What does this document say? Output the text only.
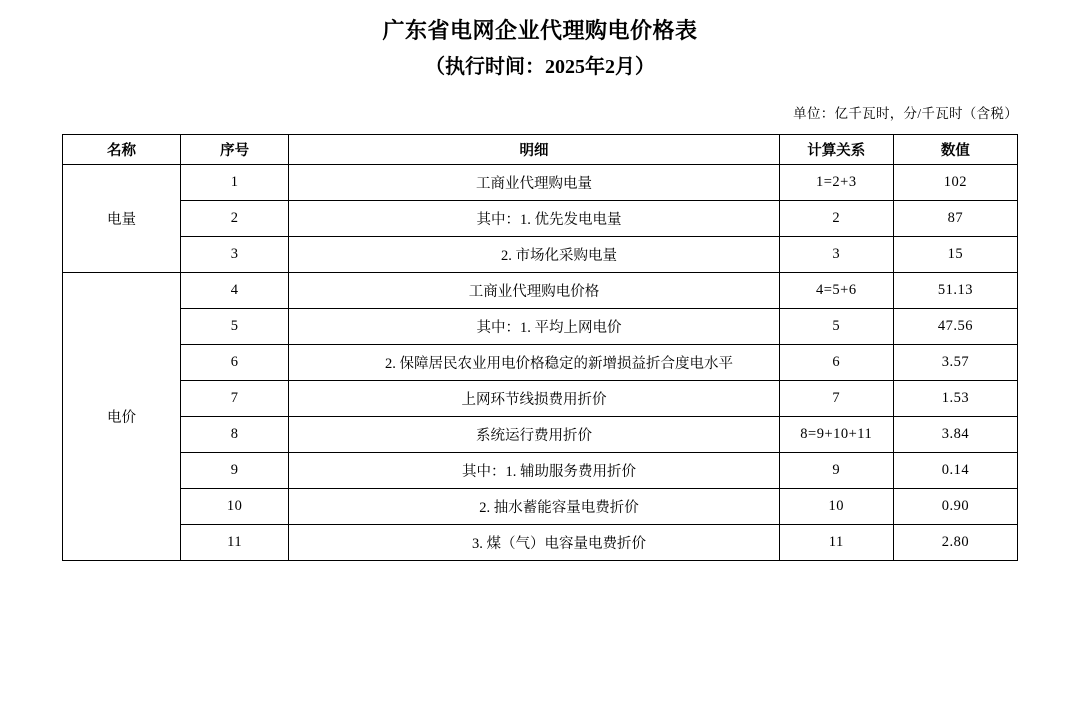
广东省电网企业代理购电价格表
（执行时间：2025年2月）
单位：亿千瓦时，分/千瓦时（含税）
名称	序号	明细	计算关系	数值
电量	1	工商业代理购电量	1=2+3	102
	2	其中：1. 优先发电电量	2	87
	3	2. 市场化采购电量	3	15
电价	4	工商业代理购电价格	4=5+6	51.13
	5	其中：1. 平均上网电价	5	47.56
	6	2. 保障居民农业用电价格稳定的新增损益折合度电水平	6	3.57
	7	上网环节线损费用折价	7	1.53
	8	系统运行费用折价	8=9+10+11	3.84
	9	其中：1. 辅助服务费用折价	9	0.14
	10	2. 抽水蓄能容量电费折价	10	0.90
	11	3. 煤（气）电容量电费折价	11	2.80
